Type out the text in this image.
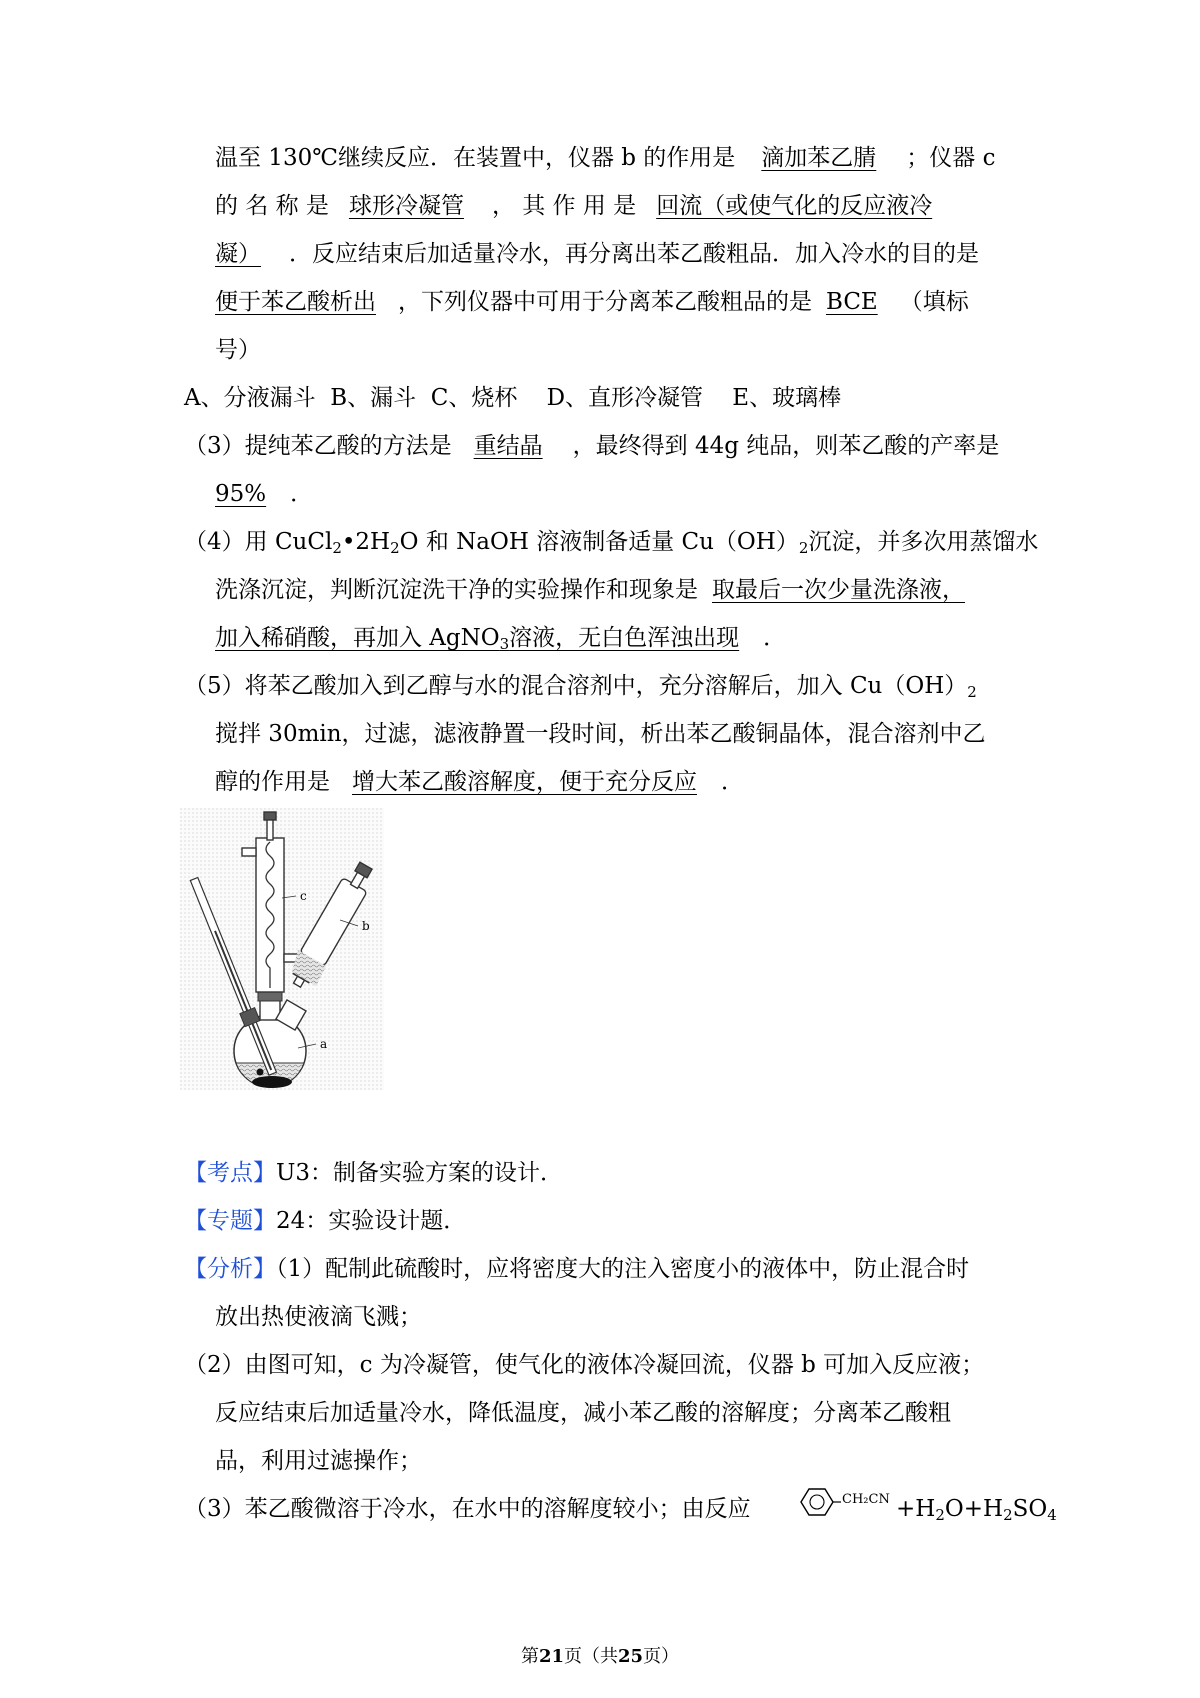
温至 130℃继续反应．在装置中，仪器 b 的作用是 滴加苯乙腈 ；仪器 c
的 名 称 是 球形冷凝管 ， 其 作 用 是 回流（或使气化的反应液冷
凝） ．反应结束后加适量冷水，再分离出苯乙酸粗品．加入冷水的目的是
便于苯乙酸析出 ，下列仪器中可用于分离苯乙酸粗品的是 BCE （填标
号）
A、分液漏斗  B、漏斗  C、烧杯    D、直形冷凝管    E、玻璃棒
（3）提纯苯乙酸的方法是 重结晶 ，最终得到 44g 纯品，则苯乙酸的产率是
95% ．
（4）用 $CuCl_2•2H_2O$ 和 NaOH 溶液制备适量 $Cu(OH)_2$沉淀，并多次用蒸馏水
洗涤沉淀，判断沉淀洗干净的实验操作和现象是 取最后一次少量洗涤液，
加入稀硝酸，再加入 AgNO$_3$溶液，无白色浑浊出现 ．
（5）将苯乙酸加入到乙醇与水的混合溶剂中，充分溶解后，加入 $Cu(OH)_2$
搅拌 30min，过滤，滤液静置一段时间，析出苯乙酸铜晶体，混合溶剂中乙
醇的作用是 增大苯乙酸溶解度，便于充分反应 ．
c
b
a
【考点】U3：制备实验方案的设计．
【专题】24：实验设计题．
【分析】（1）配制此硫酸时，应将密度大的注入密度小的液体中，防止混合时
放出热使液滴飞溅；
（2）由图可知，c 为冷凝管，使气化的液体冷凝回流，仪器 b 可加入反应液；
反应结束后加适量冷水，降低温度，减小苯乙酸的溶解度；分离苯乙酸粗
品，利用过滤操作；
（3）苯乙酸微溶于冷水，在水中的溶解度较小；由反应	$CH_2CN +H_2O+H_2SO_4$
第21页（共25页）
